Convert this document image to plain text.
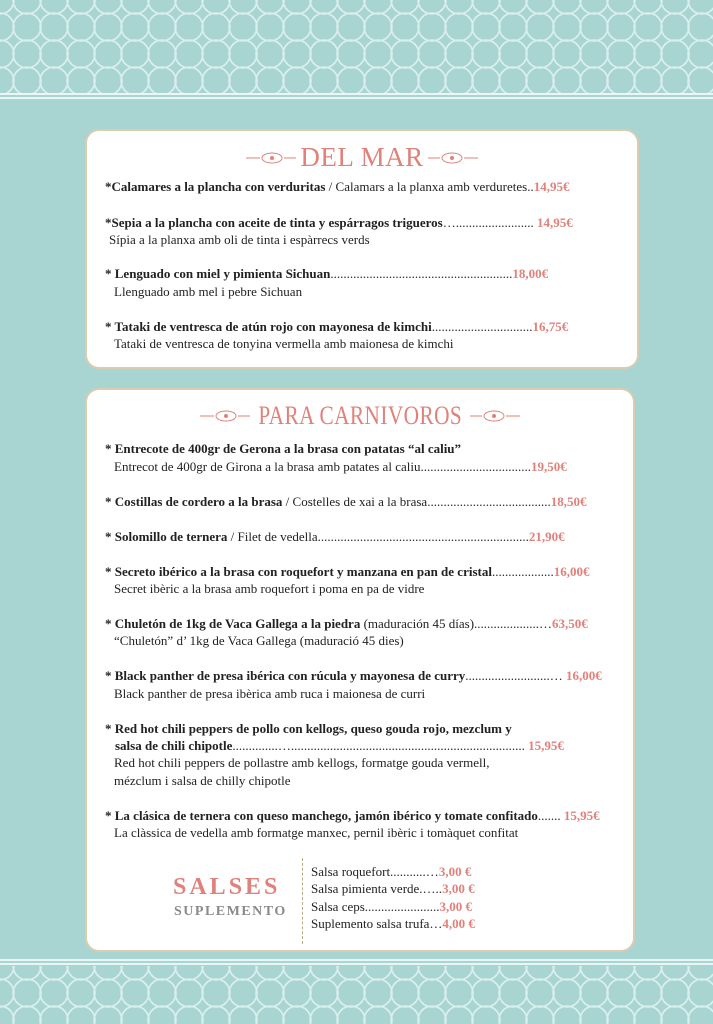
DEL MAR
*Calamares a la plancha con verduritas / Calamars a la planxa amb verduretes..14,95€
*Sepia a la plancha con aceite de tinta y espárragos trigueros…........................ 14,95€
Sípia a la planxa amb oli de tinta i espàrrecs verds
* Lenguado con miel y pimienta Sichuan........................................................18,00€
Llenguado amb mel i pebre Sichuan
* Tataki de ventresca de atún rojo con mayonesa de kimchi...............................16,75€
Tataki de ventresca de tonyina vermella amb maionesa de kimchi
PARA CARNIVOROS
* Entrecote de 400gr de Gerona a la brasa con patatas “al caliu”
Entrecot de 400gr de Girona a la brasa amb patates al caliu..................................19,50€
* Costillas de cordero a la brasa / Costelles de xai a la brasa......................................18,50€
* Solomillo de ternera / Filet de vedella.................................................................21,90€
* Secreto ibérico a la brasa con roquefort y manzana en pan de cristal...................16,00€
Secret ibèric a la brasa amb roquefort i poma en pa de vidre
* Chuletón de 1kg de Vaca Gallega a la piedra (maduración 45 días)....................…63,50€
“Chuletón” d’ 1kg de Vaca Gallega (maduració 45 dies)
* Black panther de presa ibérica con rúcula y mayonesa de curry..........................… 16,00€
Black panther de presa ibèrica amb ruca i maionesa de curri
* Red hot chili peppers de pollo con kellogs, queso gouda rojo, mezclum y
salsa de chili chipotle..............…........................................................................ 15,95€
Red hot chili peppers de pollastre amb kellogs, formatge gouda vermell,
mézclum i salsa de chilly chipotle
* La clásica de ternera con queso manchego, jamón ibérico y tomate confitado....... 15,95€
La clàssica de vedella amb formatge manxec, pernil ibèric i tomàquet confitat
SALSES
SUPLEMENTO
Salsa roquefort...........…3,00 €
Salsa pimienta verde.…..3,00 €
Salsa ceps.......................3,00 €
Suplemento salsa trufa…4,00 €
